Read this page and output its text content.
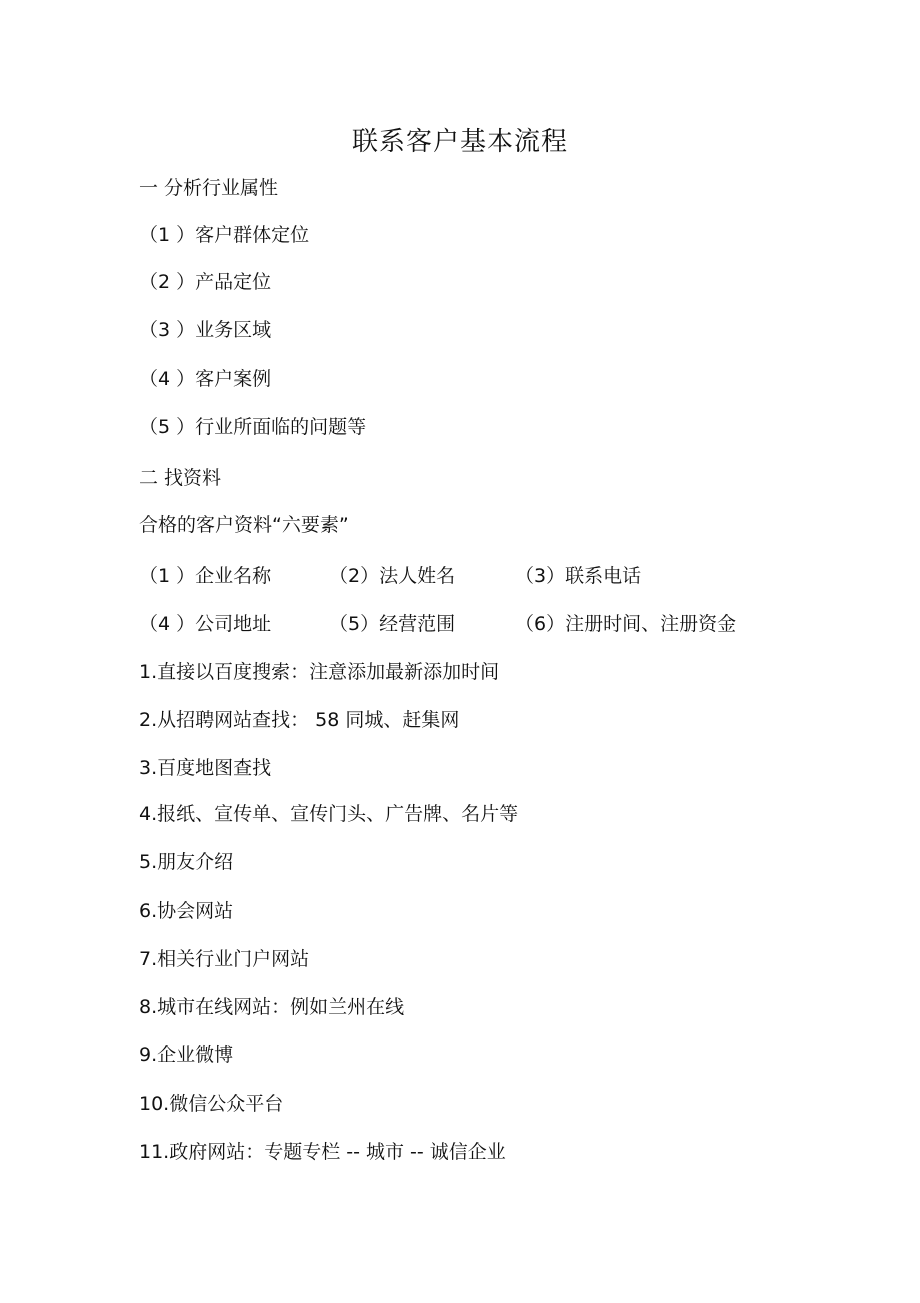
联系客户基本流程
一 分析行业属性
（1 ）客户群体定位
（2 ）产品定位
（3 ）业务区域
（4 ）客户案例
（5 ）行业所面临的问题等
二 找资料
合格的客户资料“六要素”
（1 ）企业名称	（2）法人姓名	（3）联系电话
（4 ）公司地址	（5）经营范围	（6）注册时间、注册资金
1.直接以百度搜索：注意添加最新添加时间
2.从招聘网站查找： 58 同城、赶集网
3.百度地图查找
4.报纸、宣传单、宣传门头、广告牌、名片等
5.朋友介绍
6.协会网站
7.相关行业门户网站
8.城市在线网站：例如兰州在线
9.企业微博
10.微信公众平台
11.政府网站：专题专栏 -- 城市 -- 诚信企业
